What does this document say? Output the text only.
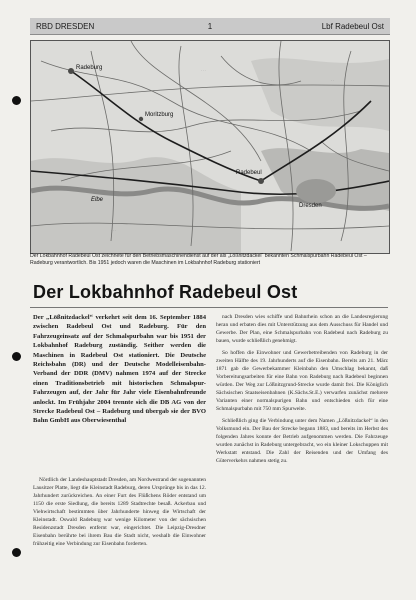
RBD DRESDEN	1	Lbf Radebeul Ost
Radeburg
Dresden
Radebeul
Moritzburg
Elbe
· · ·
· ·
· · ·
Der Lokbahnhof Radebeul Ost zeichnete für den Betriebsmaschinendienst auf der als „Lößnitzdackel“ bekannten Schmalspurbahn Radebeul Ost – Radeburg verantwortlich. Bis 1951 jedoch waren die Maschinen im Lokbahnhof Radeburg stationiert
Der Lokbahnhof Radebeul Ost
Der „Lößnitzdackel“ verkehrt seit dem 16. September 1884 zwischen Radebeul Ost und Radeburg. Für den Fahrzeugeinsatz auf der Schmalspurbahn war bis 1951 der Lokbahnhof Radeburg zuständig. Seither werden die Maschinen in Radebeul Ost stationiert. Die Deutsche Reichsbahn (DR) und der Deutsche Modelleisenbahn-Verband der DDR (DMV) nahmen 1974 auf der Strecke einen Traditionsbetrieb mit historischen Schmalspur-Fahrzeugen auf, der Jahr für Jahr viele Eisenbahnfreunde anlockt. Im Frühjahr 2004 trennte sich die DB AG von der Strecke Radebeul Ost – Radeburg und übergab sie der BVO Bahn GmbH aus Oberwiesenthal

Nördlich der Landeshauptstadt Dresden, am Nordwestrand der sogenannten Lausitzer Platte, liegt die Kleinstadt Radeburg, deren Ursprünge bis in das 12. Jahrhundert zurückreichen. An einer Furt des Flüßchens Röder entstand um 1150 die erste Siedlung, die bereits 1289 Stadtrechte besaß. Ackerbau und Viehwirtschaft bestimmten über Jahrhunderte hinweg die Wirtschaft der Kleinstadt. Oswald Radeburg war wenige Kilometer von der sächsischen Residenzstadt Dresden entfernt war, eingerichtet. Die Leipzig-Dresdner Eisenbahn berührte bei ihrem Bau die Stadt nicht, weshalb die Einwohner frühzeitig eine Verbindung zur Eisenbahn forderten.

nach Dresden wies schiffe und Bahnrhein schon an die Landesregierung heran und erbaten dies mit Unterstützung aus dem Ausschuss für Handel und Gewerbe. Der Plan, eine Schmalspurbahn von Radebeul nach Radeburg zu bauen, wurde schließlich genehmigt.

So hoffen die Einwohner und Gewerbetreibenden von Radeburg in der zweiten Hälfte des 19. Jahrhunderts auf die Eisenbahn. Bereits am 21. März 1871 gab die Gewerbekammer Kleinbahn den Umschlag bekannt, daß Vorbereitungsarbeiten für eine Bahn von Radeburg nach Radebeul beginnen würden. Der Weg zur Lößnitzgrund-Strecke wurde damit frei. Die Königlich Sächsischen Staatseisenbahnen (K.Sächs.St.E.) verwarfen zunächst mehrere Varianten einer normalspurigen Bahn und entschieden sich für eine Schmalspurbahn mit 750 mm Spurweite.

Schließlich ging die Verbindung unter dem Namen „Lößnitzdackel“ in den Volksmund ein. Der Bau der Strecke begann 1883, und bereits im Herbst des folgenden Jahres konnte der Betrieb aufgenommen werden. Die Fahrzeuge wurden zunächst in Radeburg untergebracht, wo ein kleiner Lokschuppen mit Werkstatt entstand. Die Zahl der Reisenden und der Umfang des Güterverkehrs nahmen stetig zu.
